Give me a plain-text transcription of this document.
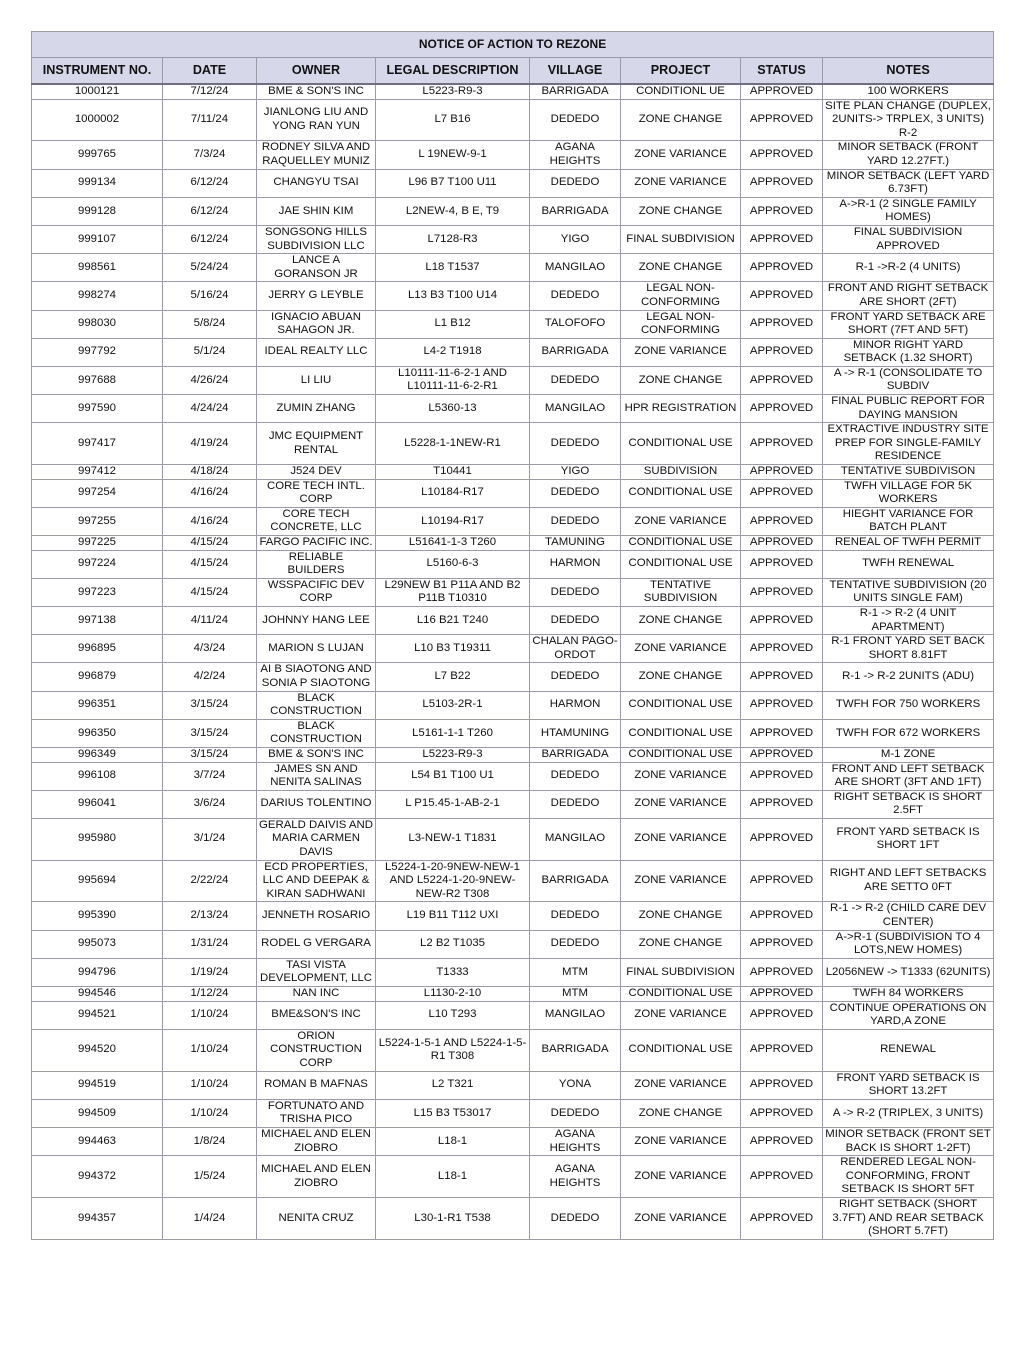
NOTICE OF ACTION TO REZONE							
INSTRUMENT NO.	DATE	OWNER	LEGAL DESCRIPTION	VILLAGE	PROJECT	STATUS	NOTES
1000121	7/12/24	BME & SON'S INC	L5223-R9-3	BARRIGADA	CONDITIONL UE	APPROVED	100 WORKERS
1000002	7/11/24	JIANLONG LIU AND YONG RAN YUN	L7 B16	DEDEDO	ZONE CHANGE	APPROVED	SITE PLAN CHANGE (DUPLEX, 2UNITS-> TRPLEX, 3 UNITS) R-2
999765	7/3/24	RODNEY SILVA AND RAQUELLEY MUNIZ	L 19NEW-9-1	AGANA HEIGHTS	ZONE VARIANCE	APPROVED	MINOR SETBACK (FRONT YARD 12.27FT.)
999134	6/12/24	CHANGYU TSAI	L96 B7 T100 U11	DEDEDO	ZONE VARIANCE	APPROVED	MINOR SETBACK (LEFT YARD 6.73FT)
999128	6/12/24	JAE SHIN KIM	L2NEW-4, B E, T9	BARRIGADA	ZONE CHANGE	APPROVED	A->R-1 (2 SINGLE FAMILY HOMES)
999107	6/12/24	SONGSONG HILLS SUBDIVISION LLC	L7128-R3	YIGO	FINAL SUBDIVISION	APPROVED	FINAL SUBDIVISION APPROVED
998561	5/24/24	LANCE A GORANSON JR	L18 T1537	MANGILAO	ZONE CHANGE	APPROVED	R-1 ->R-2 (4 UNITS)
998274	5/16/24	JERRY G LEYBLE	L13 B3 T100 U14	DEDEDO	LEGAL NON-CONFORMING	APPROVED	FRONT AND RIGHT SETBACK ARE SHORT (2FT)
998030	5/8/24	IGNACIO ABUAN SAHAGON JR.	L1 B12	TALOFOFO	LEGAL NON-CONFORMING	APPROVED	FRONT YARD SETBACK ARE SHORT (7FT AND 5FT)
997792	5/1/24	IDEAL REALTY LLC	L4-2 T1918	BARRIGADA	ZONE VARIANCE	APPROVED	MINOR RIGHT YARD SETBACK (1.32 SHORT)
997688	4/26/24	LI LIU	L10111-11-6-2-1 AND L10111-11-6-2-R1	DEDEDO	ZONE CHANGE	APPROVED	A -> R-1 (CONSOLIDATE TO SUBDIV
997590	4/24/24	ZUMIN ZHANG	L5360-13	MANGILAO	HPR REGISTRATION	APPROVED	FINAL PUBLIC REPORT FOR DAYING MANSION
997417	4/19/24	JMC EQUIPMENT RENTAL	L5228-1-1NEW-R1	DEDEDO	CONDITIONAL USE	APPROVED	EXTRACTIVE INDUSTRY SITE PREP FOR SINGLE-FAMILY RESIDENCE
997412	4/18/24	J524 DEV	T10441	YIGO	SUBDIVISION	APPROVED	TENTATIVE SUBDIVISON
997254	4/16/24	CORE TECH INTL. CORP	L10184-R17	DEDEDO	CONDITIONAL USE	APPROVED	TWFH VILLAGE FOR 5K WORKERS
997255	4/16/24	CORE TECH CONCRETE, LLC	L10194-R17	DEDEDO	ZONE VARIANCE	APPROVED	HIEGHT VARIANCE FOR BATCH PLANT
997225	4/15/24	FARGO PACIFIC INC.	L51641-1-3 T260	TAMUNING	CONDITIONAL USE	APPROVED	RENEAL OF TWFH PERMIT
997224	4/15/24	RELIABLE BUILDERS	L5160-6-3	HARMON	CONDITIONAL USE	APPROVED	TWFH RENEWAL
997223	4/15/24	WSSPACIFIC DEV CORP	L29NEW B1 P11A AND B2 P11B T10310	DEDEDO	TENTATIVE SUBDIVISION	APPROVED	TENTATIVE SUBDIVISION (20 UNITS SINGLE FAM)
997138	4/11/24	JOHNNY HANG LEE	L16 B21 T240	DEDEDO	ZONE CHANGE	APPROVED	R-1 -> R-2 (4 UNIT APARTMENT)
996895	4/3/24	MARION S LUJAN	L10 B3 T19311	CHALAN PAGO-ORDOT	ZONE VARIANCE	APPROVED	R-1 FRONT YARD SET BACK SHORT 8.81FT
996879	4/2/24	AI B SIAOTONG AND SONIA P SIAOTONG	L7 B22	DEDEDO	ZONE CHANGE	APPROVED	R-1 -> R-2 2UNITS (ADU)
996351	3/15/24	BLACK CONSTRUCTION	L5103-2R-1	HARMON	CONDITIONAL USE	APPROVED	TWFH FOR 750 WORKERS
996350	3/15/24	BLACK CONSTRUCTION	L5161-1-1 T260	HTAMUNING	CONDITIONAL USE	APPROVED	TWFH FOR 672 WORKERS
996349	3/15/24	BME & SON'S INC	L5223-R9-3	BARRIGADA	CONDITIONAL USE	APPROVED	M-1 ZONE
996108	3/7/24	JAMES SN AND NENITA SALINAS	L54 B1 T100 U1	DEDEDO	ZONE VARIANCE	APPROVED	FRONT AND LEFT SETBACK ARE SHORT (3FT AND 1FT)
996041	3/6/24	DARIUS TOLENTINO	L P15.45-1-AB-2-1	DEDEDO	ZONE VARIANCE	APPROVED	RIGHT SETBACK IS SHORT 2.5FT
995980	3/1/24	GERALD DAIVIS AND MARIA CARMEN DAVIS	L3-NEW-1 T1831	MANGILAO	ZONE VARIANCE	APPROVED	FRONT YARD SETBACK IS SHORT 1FT
995694	2/22/24	ECD PROPERTIES, LLC AND DEEPAK & KIRAN SADHWANI	L5224-1-20-9NEW-NEW-1 AND L5224-1-20-9NEW-NEW-R2 T308	BARRIGADA	ZONE VARIANCE	APPROVED	RIGHT AND LEFT SETBACKS ARE SETTO 0FT
995390	2/13/24	JENNETH ROSARIO	L19 B11 T112 UXI	DEDEDO	ZONE CHANGE	APPROVED	R-1 -> R-2 (CHILD CARE DEV CENTER)
995073	1/31/24	RODEL G VERGARA	L2 B2 T1035	DEDEDO	ZONE CHANGE	APPROVED	A->R-1 (SUBDIVISION TO 4 LOTS,NEW HOMES)
994796	1/19/24	TASI VISTA DEVELOPMENT, LLC	T1333	MTM	FINAL SUBDIVISION	APPROVED	L2056NEW -> T1333 (62UNITS)
994546	1/12/24	NAN INC	L1130-2-10	MTM	CONDITIONAL USE	APPROVED	TWFH 84 WORKERS
994521	1/10/24	BME&SON'S INC	L10 T293	MANGILAO	ZONE VARIANCE	APPROVED	CONTINUE OPERATIONS ON YARD,A ZONE
994520	1/10/24	ORION CONSTRUCTION CORP	L5224-1-5-1 AND L5224-1-5-R1 T308	BARRIGADA	CONDITIONAL USE	APPROVED	RENEWAL
994519	1/10/24	ROMAN B MAFNAS	L2 T321	YONA	ZONE VARIANCE	APPROVED	FRONT YARD SETBACK IS SHORT 13.2FT
994509	1/10/24	FORTUNATO AND TRISHA PICO	L15 B3 T53017	DEDEDO	ZONE CHANGE	APPROVED	A -> R-2 (TRIPLEX, 3 UNITS)
994463	1/8/24	MICHAEL AND ELEN ZIOBRO	L18-1	AGANA HEIGHTS	ZONE VARIANCE	APPROVED	MINOR SETBACK (FRONT SET BACK IS SHORT 1-2FT)
994372	1/5/24	MICHAEL AND ELEN ZIOBRO	L18-1	AGANA HEIGHTS	ZONE VARIANCE	APPROVED	RENDERED LEGAL NON-CONFORMING, FRONT SETBACK IS SHORT 5FT
994357	1/4/24	NENITA CRUZ	L30-1-R1 T538	DEDEDO	ZONE VARIANCE	APPROVED	RIGHT SETBACK (SHORT 3.7FT) AND REAR SETBACK (SHORT 5.7FT)
